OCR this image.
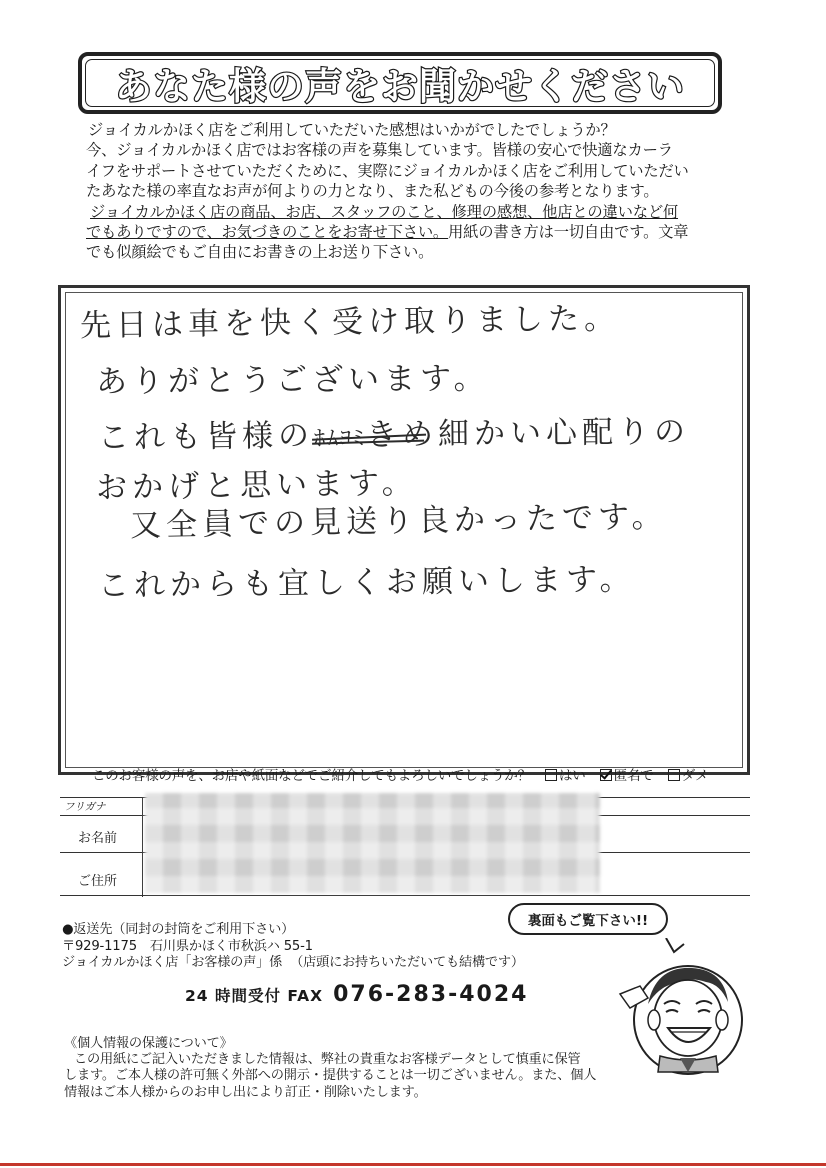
あなた様の声をお聞かせください
ジョイカルかほく店をご利用していただいた感想はいかがでしたでしょうか？
今、ジョイカルかほく店ではお客様の声を募集しています。皆様の安心で快適なカーラ
イフをサポートさせていただくために、実際にジョイカルかほく店をご利用していただい
たあなた様の率直なお声が何よりの力となり、また私どもの今後の参考となります。
ジョイカルかほく店の商品、お店、スタッフのこと、修理の感想、他店との違いなど何
でもありですので、お気づきのことをお寄せ下さい。用紙の書き方は一切自由です。文章
でも似顔絵でもご自由にお書きの上お送り下さい。
先日は車を快く受け取りました。
ありがとうございます。
これも皆様のﾎﾑﾖﾐ
きめ細かい心配りの
おかげと思います。
又全員での見送り良かったです。
これからも宜しくお願いします。
このお客様の声を、お店や紙面などでご紹介してもよろしいでしょうか？ はい 匿名で ダメ
フリガナ
お名前
ご住所
●返送先（同封の封筒をご利用下さい）
〒929-1175　石川県かほく市秋浜ハ 55-1
ジョイカルかほく店「お客様の声」係 （店頭にお持ちいただいても結構です）
24 時間受付 FAX 076-283-4024
裏面もご覧下さい!!
《個人情報の保護について》
この用紙にご記入いただきました情報は、弊社の貴重なお客様データとして慎重に保管
します。ご本人様の許可無く外部への開示・提供することは一切ございません。また、個人
情報はご本人様からのお申し出により訂正・削除いたします。
